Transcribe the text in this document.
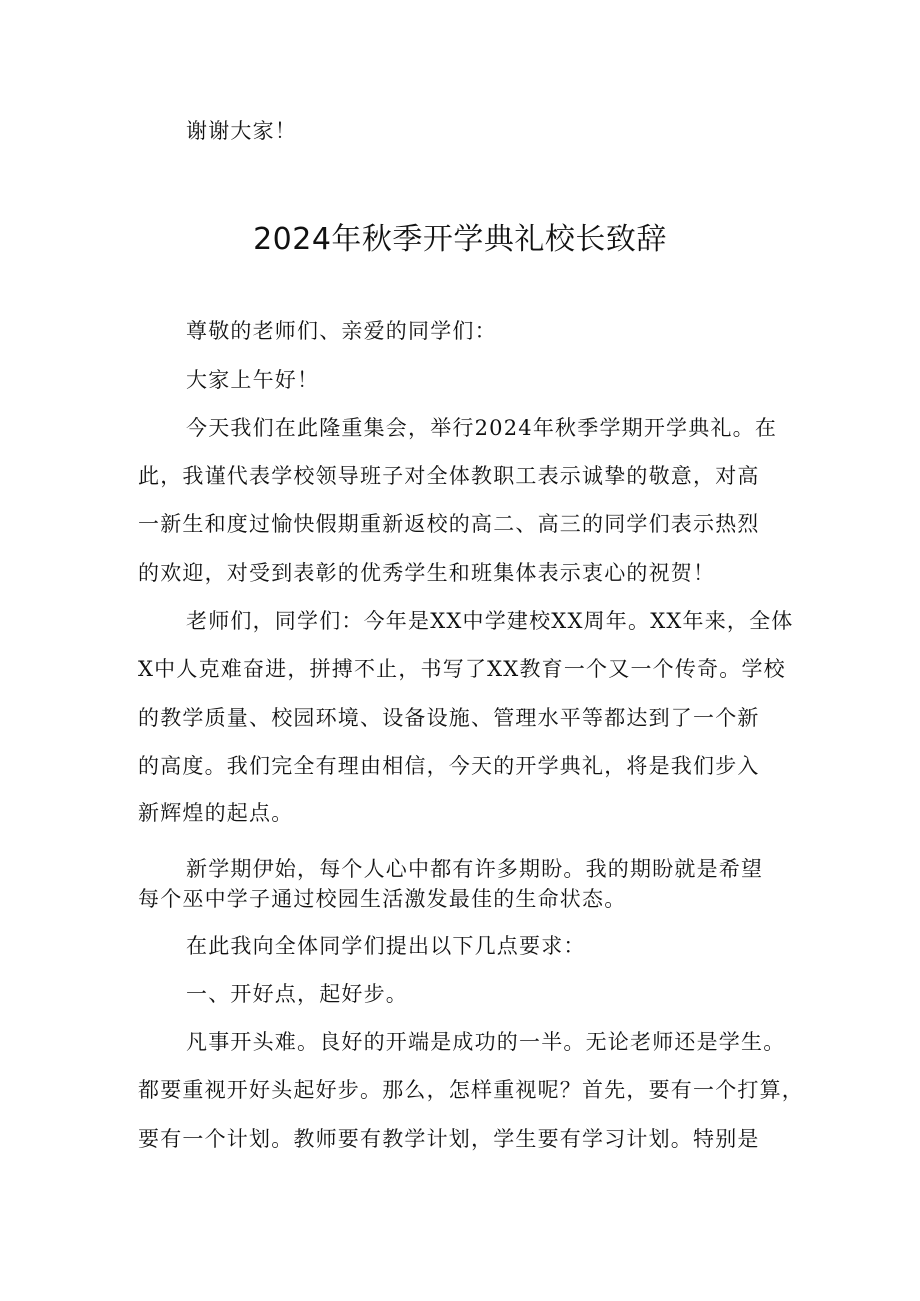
谢谢大家！
2024年秋季开学典礼校长致辞
尊敬的老师们、亲爱的同学们：
大家上午好！
今天我们在此隆重集会，举行2024年秋季学期开学典礼。在
此，我谨代表学校领导班子对全体教职工表示诚挚的敬意，对高
一新生和度过愉快假期重新返校的高二、高三的同学们表示热烈
的欢迎，对受到表彰的优秀学生和班集体表示衷心的祝贺！
老师们，同学们：今年是XX中学建校XX周年。XX年来，全体
X中人克难奋进，拼搏不止，书写了XX教育一个又一个传奇。学校
的教学质量、校园环境、设备设施、管理水平等都达到了一个新
的高度。我们完全有理由相信，今天的开学典礼，将是我们步入
新辉煌的起点。
新学期伊始，每个人心中都有许多期盼。我的期盼就是希望
每个巫中学子通过校园生活激发最佳的生命状态。
在此我向全体同学们提出以下几点要求：
一、开好点，起好步。
凡事开头难。良好的开端是成功的一半。无论老师还是学生。
都要重视开好头起好步。那么，怎样重视呢？首先，要有一个打算，
要有一个计划。教师要有教学计划，学生要有学习计划。特别是
